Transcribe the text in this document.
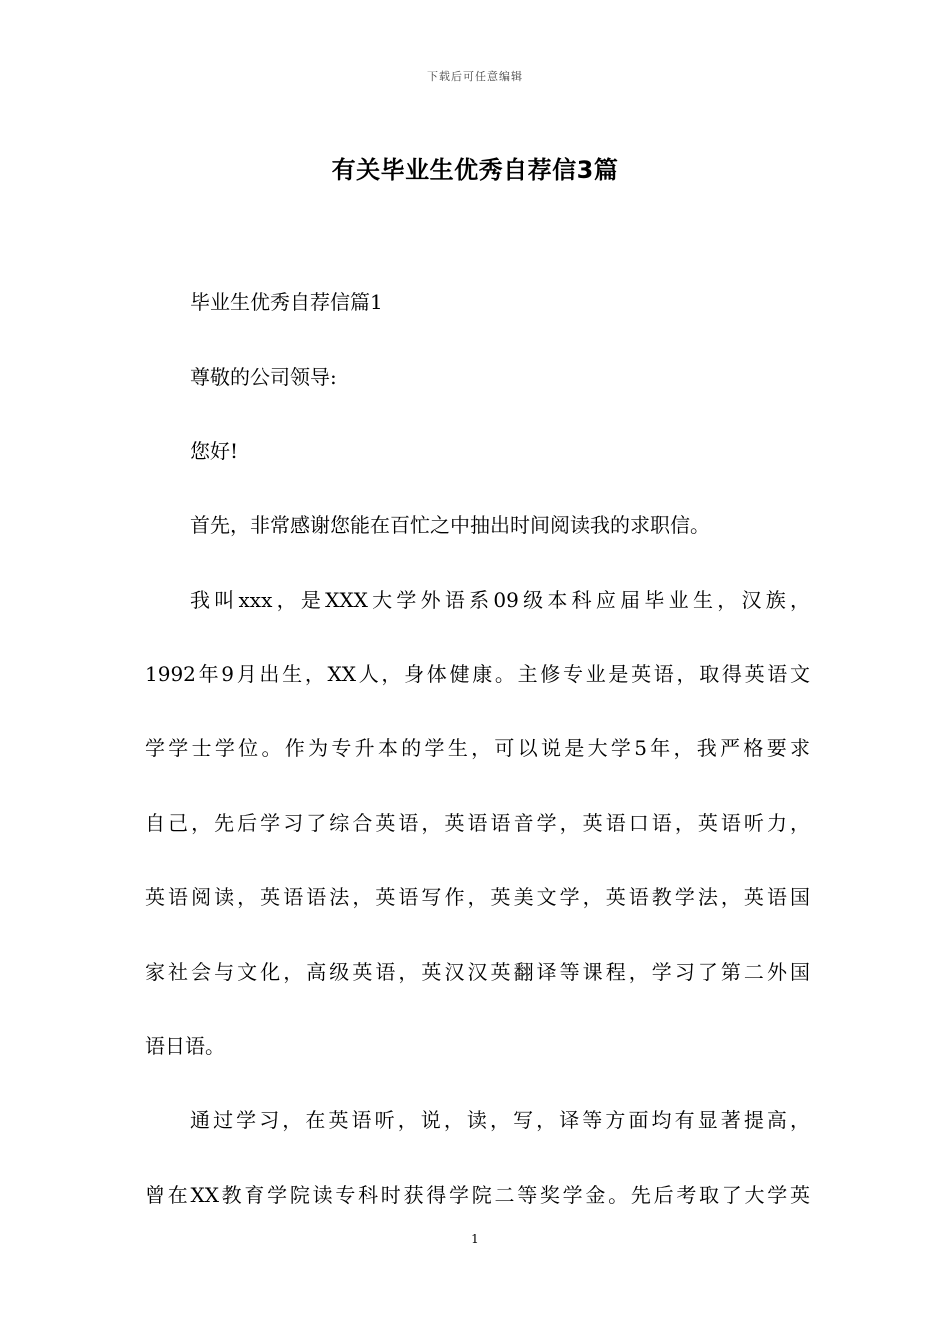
下载后可任意编辑
有关毕业生优秀自荐信3篇
毕业生优秀自荐信篇1
尊敬的公司领导:
您好!
首先，非常感谢您能在百忙之中抽出时间阅读我的求职信。
我叫xxx，是XXX大学外语系09级本科应届毕业生，汉族，
1992年9月出生，XX人，身体健康。主修专业是英语，取得英语文
学学士学位。作为专升本的学生，可以说是大学5年，我严格要求
自己，先后学习了综合英语，英语语音学，英语口语，英语听力，
英语阅读，英语语法，英语写作，英美文学，英语教学法，英语国
家社会与文化，高级英语，英汉汉英翻译等课程，学习了第二外国
语日语。
通过学习，在英语听，说，读，写，译等方面均有显著提高，
曾在XX教育学院读专科时获得学院二等奖学金。先后考取了大学英
1
